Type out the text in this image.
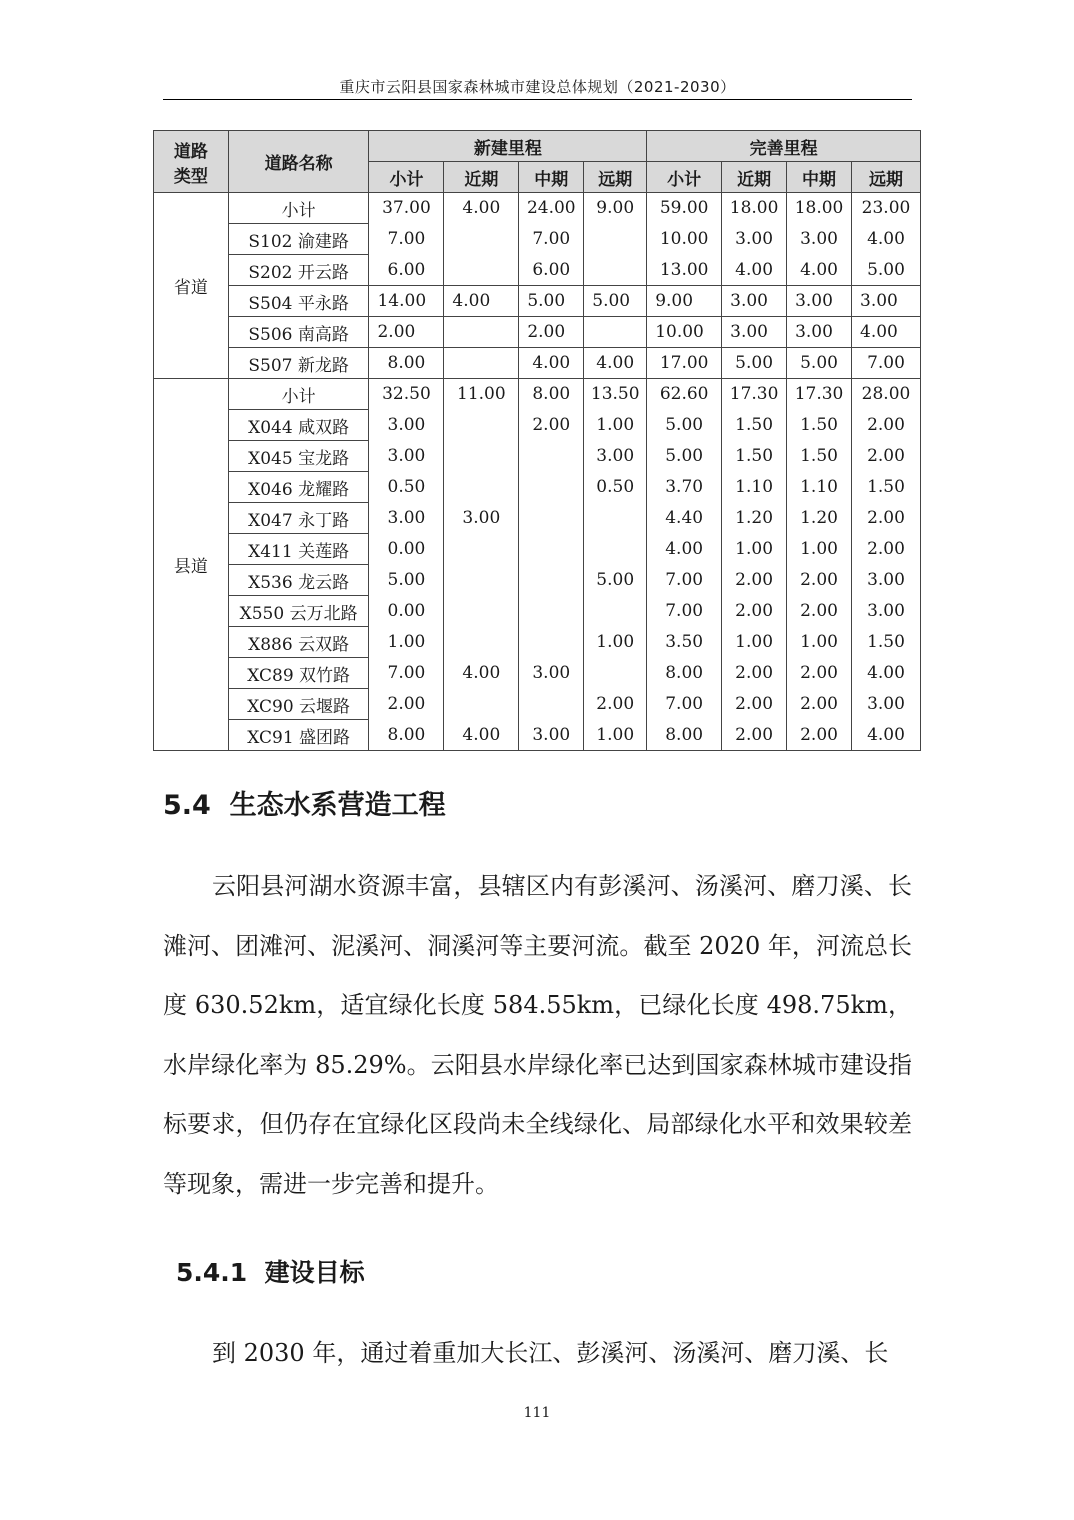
重庆市云阳县国家森林城市建设总体规划（2021-2030）
道路
类型	道路名称	新建里程				完善里程			
		小计	近期	中期	远期	小计	近期	中期	远期
省道	小计	37.00	4.00	24.00	9.00	59.00	18.00	18.00	23.00
	S102 渝建路	7.00		7.00		10.00	3.00	3.00	4.00
	S202 开云路	6.00		6.00		13.00	4.00	4.00	5.00
	S504 平永路	14.00	4.00	5.00	5.00	9.00	3.00	3.00	3.00
	S506 南高路	2.00		2.00		10.00	3.00	3.00	4.00
	S507 新龙路	8.00		4.00	4.00	17.00	5.00	5.00	7.00
县道	小计	32.50	11.00	8.00	13.50	62.60	17.30	17.30	28.00
	X044 咸双路	3.00		2.00	1.00	5.00	1.50	1.50	2.00
	X045 宝龙路	3.00			3.00	5.00	1.50	1.50	2.00
	X046 龙耀路	0.50			0.50	3.70	1.10	1.10	1.50
	X047 永丁路	3.00	3.00			4.40	1.20	1.20	2.00
	X411 关莲路	0.00				4.00	1.00	1.00	2.00
	X536 龙云路	5.00			5.00	7.00	2.00	2.00	3.00
	X550 云万北路	0.00				7.00	2.00	2.00	3.00
	X886 云双路	1.00			1.00	3.50	1.00	1.00	1.50
	XC89 双竹路	7.00	4.00	3.00		8.00	2.00	2.00	4.00
	XC90 云堰路	2.00			2.00	7.00	2.00	2.00	3.00
	XC91 盛团路	8.00	4.00	3.00	1.00	8.00	2.00	2.00	4.00
5.4 生态水系营造工程

云阳县河湖水资源丰富，县辖区内有彭溪河、汤溪河、磨刀溪、长滩河、团滩河、泥溪河、洞溪河等主要河流。截至 2020 年，河流总长度 630.52km，适宜绿化长度 584.55km，已绿化长度 498.75km，水岸绿化率为 85.29%。云阳县水岸绿化率已达到国家森林城市建设指标要求，但仍存在宜绿化区段尚未全线绿化、局部绿化水平和效果较差等现象，需进一步完善和提升。

5.4.1 建设目标

到 2030 年，通过着重加大长江、彭溪河、汤溪河、磨刀溪、长

111
